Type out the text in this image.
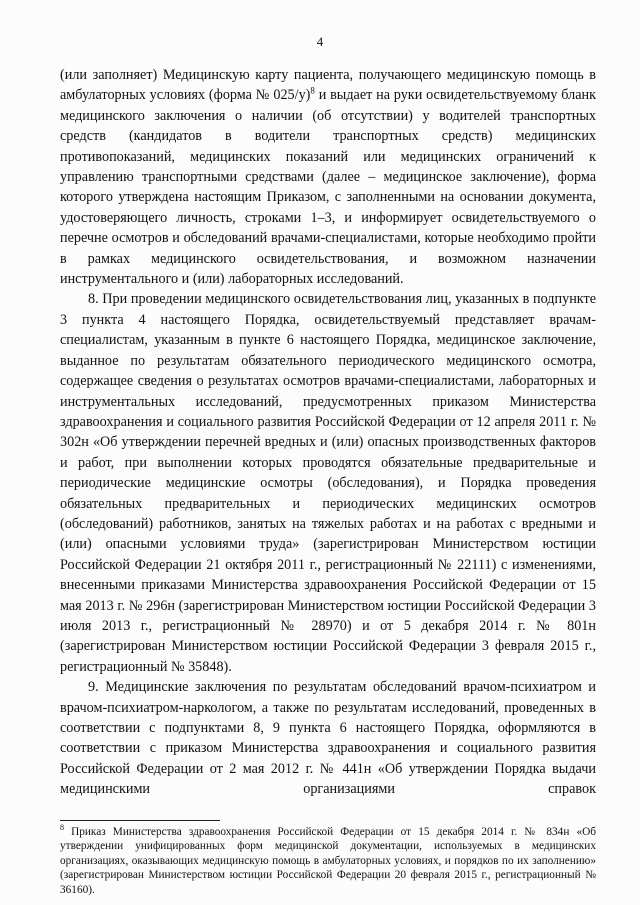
4

(или заполняет) Медицинскую карту пациента, получающего медицинскую помощь в амбулаторных условиях (форма № 025/у)$^8$ и выдает на руки освидетельствуемому бланк медицинского заключения о наличии (об отсутствии) у водителей транспортных средств (кандидатов в водители транспортных средств) медицинских противопоказаний, медицинских показаний или медицинских ограничений к управлению транспортными средствами (далее – медицинское заключение), форма которого утверждена настоящим Приказом, с заполненными на основании документа, удостоверяющего личность, строками 1–3, и информирует освидетельствуемого о перечне осмотров и обследований врачами-специалистами, которые необходимо пройти в рамках медицинского освидетельствования, и возможном назначении инструментального и (или) лабораторных исследований.

8. При проведении медицинского освидетельствования лиц, указанных в подпункте 3 пункта 4 настоящего Порядка, освидетельствуемый представляет врачам-специалистам, указанным в пункте 6 настоящего Порядка, медицинское заключение, выданное по результатам обязательного периодического медицинского осмотра, содержащее сведения о результатах осмотров врачами-специалистами, лабораторных и инструментальных исследований, предусмотренных приказом Министерства здравоохранения и социального развития Российской Федерации от 12 апреля 2011 г. № 302н «Об утверждении перечней вредных и (или) опасных производственных факторов и работ, при выполнении которых проводятся обязательные предварительные и периодические медицинские осмотры (обследования), и Порядка проведения обязательных предварительных и периодических медицинских осмотров (обследований) работников, занятых на тяжелых работах и на работах с вредными и (или) опасными условиями труда» (зарегистрирован Министерством юстиции Российской Федерации 21 октября 2011 г., регистрационный № 22111) с изменениями, внесенными приказами Министерства здравоохранения Российской Федерации от 15 мая 2013 г. № 296н (зарегистрирован Министерством юстиции Российской Федерации 3 июля 2013 г., регистрационный № 28970) и от 5 декабря 2014 г. № 801н (зарегистрирован Министерством юстиции Российской Федерации 3 февраля 2015 г., регистрационный № 35848).

9. Медицинские заключения по результатам обследований врачом-психиатром и врачом-психиатром-наркологом, а также по результатам исследований, проведенных в соответствии с подпунктами 8, 9 пункта 6 настоящего Порядка, оформляются в соответствии с приказом Министерства здравоохранения и социального развития Российской Федерации от 2 мая 2012 г. № 441н «Об утверждении Порядка выдачи медицинскими организациями справок

$^8$ Приказ Министерства здравоохранения Российской Федерации от 15 декабря 2014 г. № 834н «Об утверждении унифицированных форм медицинской документации, используемых в медицинских организациях, оказывающих медицинскую помощь в амбулаторных условиях, и порядков по их заполнению» (зарегистрирован Министерством юстиции Российской Федерации 20 февраля 2015 г., регистрационный № 36160).
